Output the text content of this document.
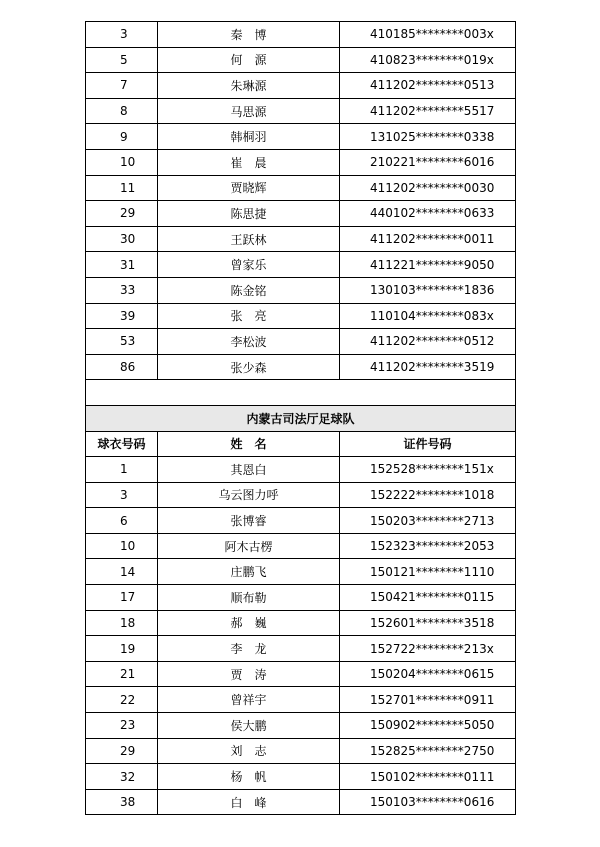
3	秦　博	410185********003x
5	何　源	410823********019x
7	朱琳源	411202********0513
8	马思源	411202********5517
9	韩桐羽	131025********0338
10	崔　晨	210221********6016
11	贾晓辉	411202********0030
29	陈思捷	440102********0633
30	王跃林	411202********0011
31	曾家乐	411221********9050
33	陈金铭	130103********1836
39	张　亮	110104********083x
53	李松波	411202********0512
86	张少森	411202********3519

内蒙古司法厅足球队		
球衣号码	姓　名	证件号码
1	其恩白	152528********151x
3	乌云图力呼	152222********1018
6	张博睿	150203********2713
10	阿木古楞	152323********2053
14	庄鹏飞	150121********1110
17	顺布勒	150421********0115
18	郝　巍	152601********3518
19	李　龙	152722********213x
21	贾　涛	150204********0615
22	曾祥宇	152701********0911
23	侯大鹏	150902********5050
29	刘　志	152825********2750
32	杨　帆	150102********0111
38	白　峰	150103********0616
